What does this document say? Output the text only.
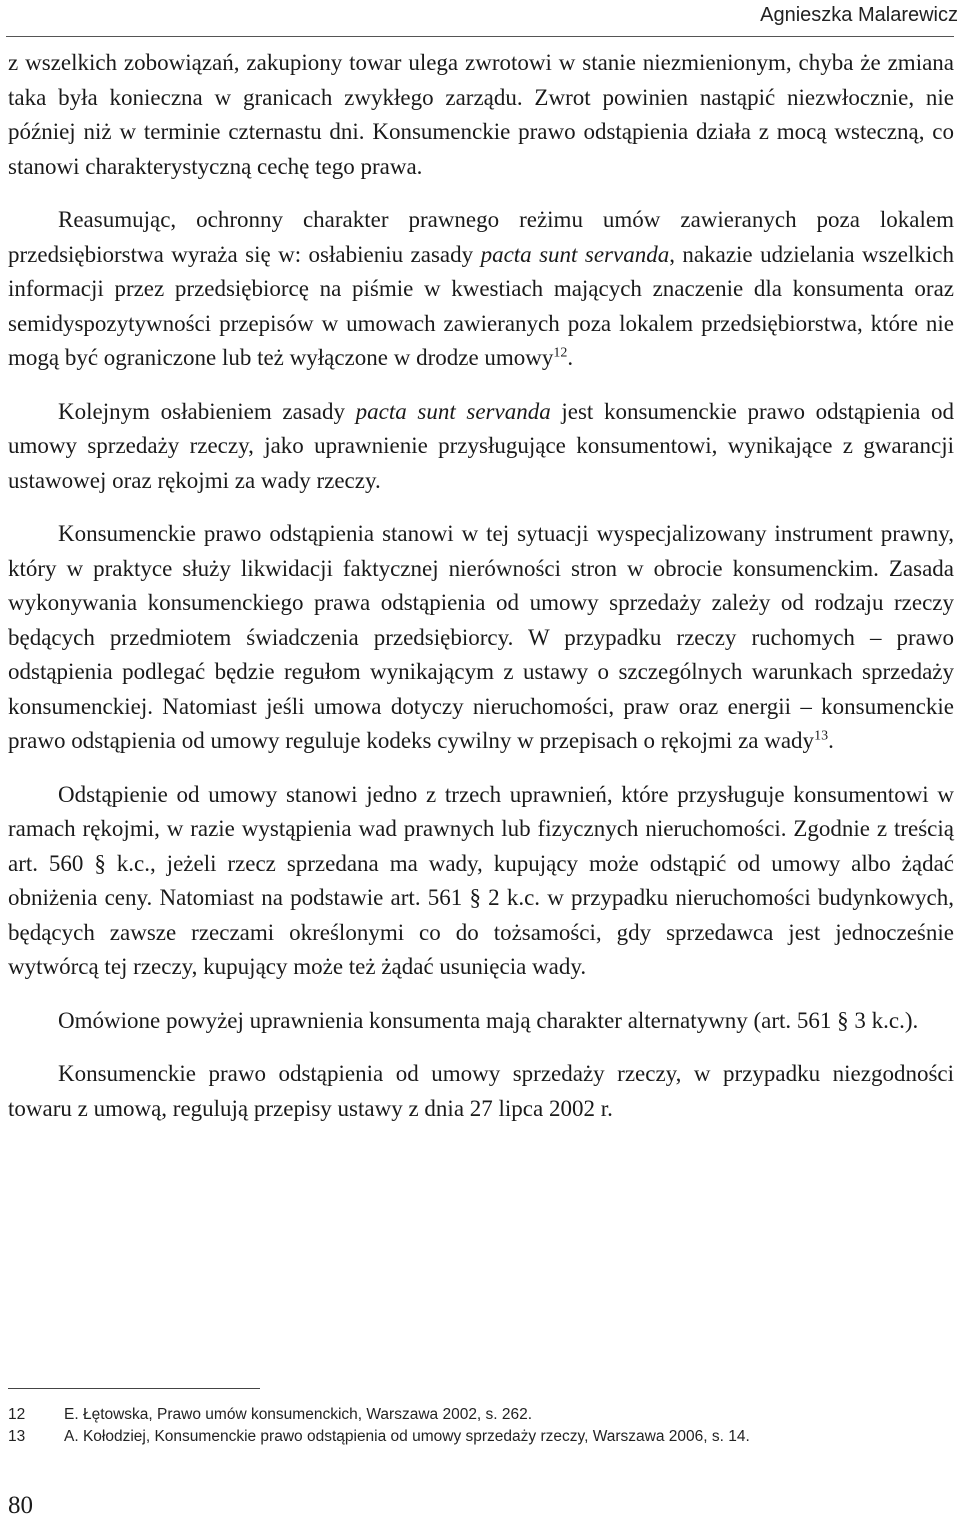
Agnieszka Malarewicz

z wszelkich zobowiązań, zakupiony towar ulega zwrotowi w stanie niezmienionym, chyba że zmiana taka była konieczna w granicach zwykłego zarządu. Zwrot powinien nastąpić niezwłocznie, nie później niż w terminie czternastu dni. Konsumenckie prawo odstąpienia działa z mocą wsteczną, co stanowi charakterystyczną cechę tego prawa.

Reasumując, ochronny charakter prawnego reżimu umów zawieranych poza lokalem przedsiębiorstwa wyraża się w: osłabieniu zasady pacta sunt servanda, nakazie udzielania wszelkich informacji przez przedsiębiorcę na piśmie w kwestiach mających znaczenie dla konsumenta oraz semidyspozytywności przepisów w umowach zawieranych poza lokalem przedsiębiorstwa, które nie mogą być ograniczone lub też wyłączone w drodze umowy$^{12}$.

Kolejnym osłabieniem zasady pacta sunt servanda jest konsumenckie prawo odstąpienia od umowy sprzedaży rzeczy, jako uprawnienie przysługujące konsumentowi, wynikające z gwarancji ustawowej oraz rękojmi za wady rzeczy.

Konsumenckie prawo odstąpienia stanowi w tej sytuacji wyspecjalizowany instrument prawny, który w praktyce służy likwidacji faktycznej nierówności stron w obrocie konsumenckim. Zasada wykonywania konsumenckiego prawa odstąpienia od umowy sprzedaży zależy od rodzaju rzeczy będących przedmiotem świadczenia przedsiębiorcy. W przypadku rzeczy ruchomych – prawo odstąpienia podlegać będzie regułom wynikającym z ustawy o szczególnych warunkach sprzedaży konsumenckiej. Natomiast jeśli umowa dotyczy nieruchomości, praw oraz energii – konsumenckie prawo odstąpienia od umowy reguluje kodeks cywilny w przepisach o rękojmi za wady$^{13}$.

Odstąpienie od umowy stanowi jedno z trzech uprawnień, które przysługuje konsumentowi w ramach rękojmi, w razie wystąpienia wad prawnych lub fizycznych nieruchomości. Zgodnie z treścią art. 560 § k.c., jeżeli rzecz sprzedana ma wady, kupujący może odstąpić od umowy albo żądać obniżenia ceny. Natomiast na podstawie art. 561 § 2 k.c. w przypadku nieruchomości budynkowych, będących zawsze rzeczami określonymi co do tożsamości, gdy sprzedawca jest jednocześnie wytwórcą tej rzeczy, kupujący może też żądać usunięcia wady.

Omówione powyżej uprawnienia konsumenta mają charakter alternatywny (art. 561 § 3 k.c.).

Konsumenckie prawo odstąpienia od umowy sprzedaży rzeczy, w przypadku niezgodności towaru z umową, regulują przepisy ustawy z dnia 27 lipca 2002 r.

12	E. Łętowska, Prawo umów konsumenckich, Warszawa 2002, s. 262.
13	A. Kołodziej, Konsumenckie prawo odstąpienia od umowy sprzedaży rzeczy, Warszawa 2006, s. 14.
80
